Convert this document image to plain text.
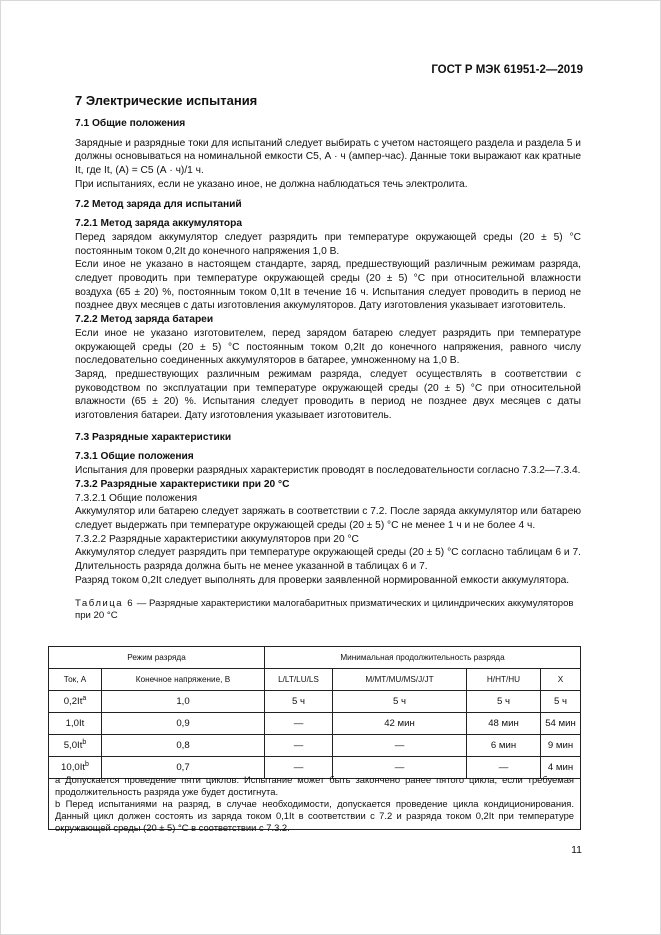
ГОСТ Р МЭК 61951-2—2019
7 Электрические испытания
7.1 Общие положения

Зарядные и разрядные токи для испытаний следует выбирать с учетом настоящего раздела и раздела 5 и должны основываться на номинальной емкости C5, А · ч (ампер-час). Данные токи выражают как кратные It, где It, (А) = C5 (А · ч)/1 ч.

При испытаниях, если не указано иное, не должна наблюдаться течь электролита.

7.2 Метод заряда для испытаний
7.2.1 Метод заряда аккумулятора

Перед зарядом аккумулятор следует разрядить при температуре окружающей среды (20 ± 5) °С постоянным током 0,2It до конечного напряжения 1,0 В.

Если иное не указано в настоящем стандарте, заряд, предшествующий различным режимам разряда, следует проводить при температуре окружающей среды (20 ± 5) °С при относительной влажности воздуха (65 ± 20) %, постоянным током 0,1It в течение 16 ч. Испытания следует проводить в период не позднее двух месяцев с даты изготовления аккумуляторов. Дату изготовления указывает изготовитель.

7.2.2 Метод заряда батареи

Если иное не указано изготовителем, перед зарядом батарею следует разрядить при температуре окружающей среды (20 ± 5) °С постоянным током 0,2It до конечного напряжения, равного числу последовательно соединенных аккумуляторов в батарее, умноженному на 1,0 В.

Заряд, предшествующих различным режимам разряда, следует осуществлять в соответствии с руководством по эксплуатации при температуре окружающей среды (20 ± 5) °С при относительной влажности (65 ± 20) %. Испытания следует проводить в период не позднее двух месяцев с даты изготовления батареи. Дату изготовления указывает изготовитель.

7.3 Разрядные характеристики
7.3.1 Общие положения

Испытания для проверки разрядных характеристик проводят в последовательности согласно 7.3.2—7.3.4.

7.3.2 Разрядные характеристики при 20 °С
7.3.2.1 Общие положения

Аккумулятор или батарею следует заряжать в соответствии с 7.2. После заряда аккумулятор или батарею следует выдержать при температуре окружающей среды (20 ± 5) °С не менее 1 ч и не более 4 ч.

7.3.2.2 Разрядные характеристики аккумуляторов при 20 °С

Аккумулятор следует разрядить при температуре окружающей среды (20 ± 5) °С согласно таблицам 6 и 7. Длительность разряда должна быть не менее указанной в таблицах 6 и 7.

Разряд током 0,2It следует выполнять для проверки заявленной нормированной емкости аккумулятора.

Таблица 6 — Разрядные характеристики малогабаритных призматических и цилиндрических аккумуляторов при 20 °С
Режим разряда		Минимальная продолжительность разряда			
Ток, А	Конечное напряжение, В	L/LT/LU/LS	M/MT/MU/MS/J/JT	H/HT/HU	X
0,2It$^a$	1,0	5 ч	5 ч	5 ч	5 ч
1,0It	0,9	—	42 мин	48 мин	54 мин
5,0It$^b$	0,8	—	—	6 мин	9 мин
10,0It$^b$	0,7	—	—	—	4 мин

а Допускается проведение пяти циклов. Испытание может быть закончено ранее пятого цикла, если требуемая продолжительность разряда уже будет достигнута.

b Перед испытаниями на разряд, в случае необходимости, допускается проведение цикла кондиционирования. Данный цикл должен состоять из заряда током 0,1It в соответствии с 7.2 и разряда током 0,2It при температуре окружающей среды (20 ± 5) °С в соответствии с 7.3.2.

11
